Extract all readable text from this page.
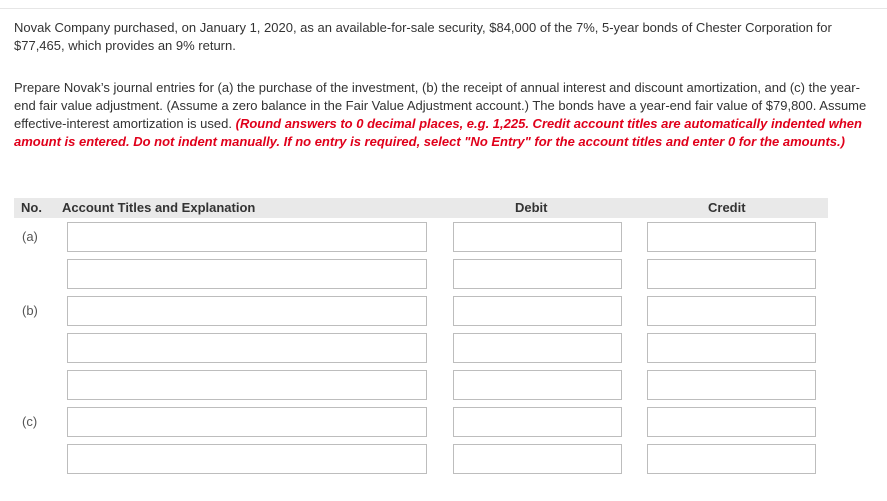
Novak Company purchased, on January 1, 2020, as an available-for-sale security, $84,000 of the 7%, 5-year bonds of Chester Corporation for $77,465, which provides an 9% return.
Prepare Novak’s journal entries for (a) the purchase of the investment, (b) the receipt of annual interest and discount amortization, and (c) the year-end fair value adjustment. (Assume a zero balance in the Fair Value Adjustment account.) The bonds have a year-end fair value of $79,800. Assume effective-interest amortization is used. (Round answers to 0 decimal places, e.g. 1,225. Credit account titles are automatically indented when amount is entered. Do not indent manually. If no entry is required, select "No Entry" for the account titles and enter 0 for the amounts.)
No. Account Titles and Explanation	Debit	Credit
(a)
(b)
(c)
